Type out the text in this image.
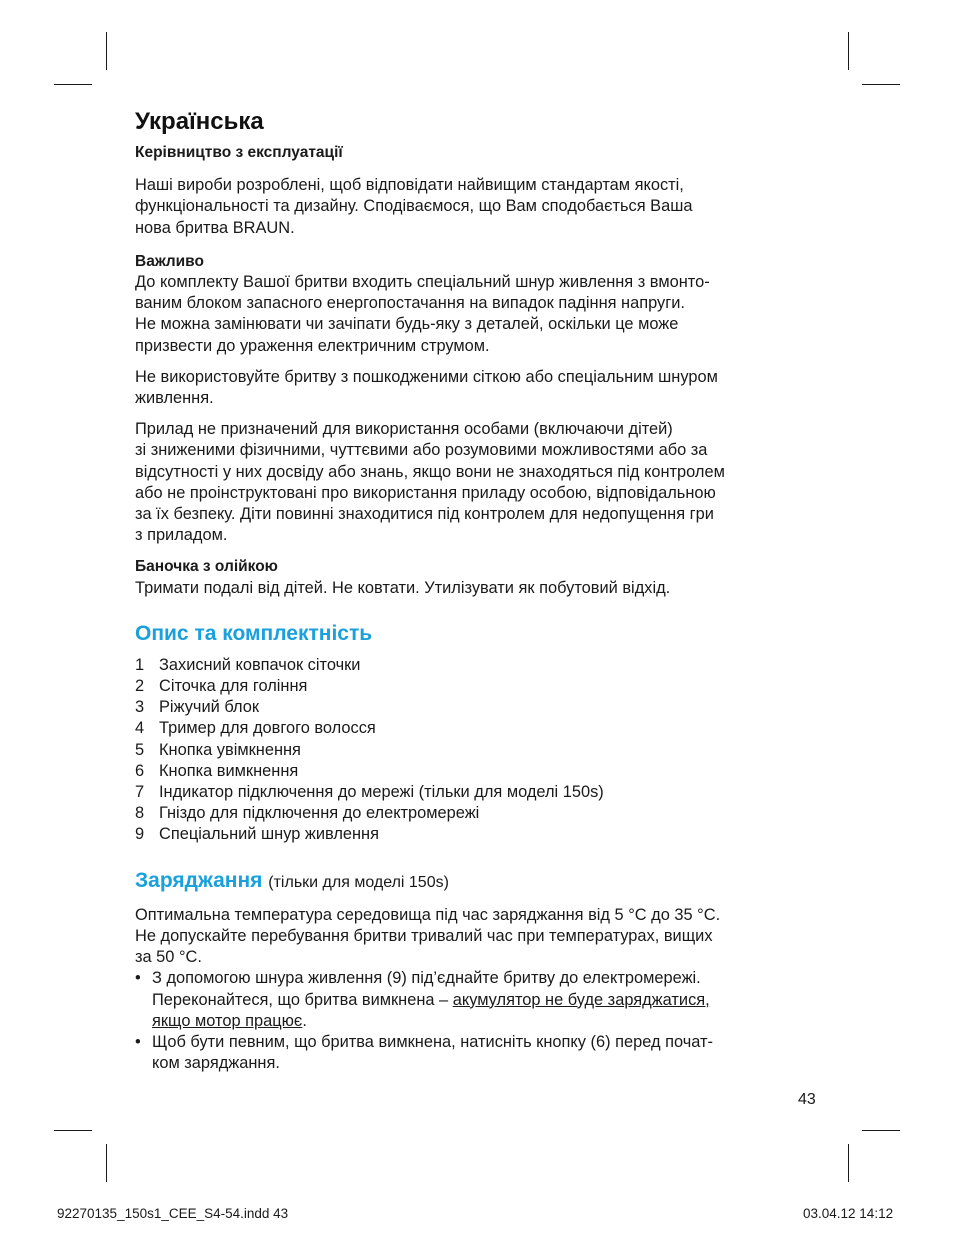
Українська
Керівництво з експлуатації

Наші вироби розроблені, щоб відповідати найвищим стандартам якості,
функціональності та дизайну. Сподіваємося, що Вам сподобається Ваша
нова бритва BRAUN.

Важливо

До комплекту Вашої бритви входить спеціальний шнур живлення з вмонто-
ваним блоком запасного енергопостачання на випадок падіння напруги.
Не можна замінювати чи зачіпати будь-яку з деталей, оскільки це може
призвести до ураження електричним струмом.

Не використовуйте бритву з пошкодженими сіткою або спеціальним шнуром
живлення.

Прилад не призначений для використання особами (включаючи дітей)
зі зниженими фізичними, чуттєвими або розумовими можливостями або за
відсутності у них досвіду або знань, якщо вони не знаходяться під контролем
або не проінструктовані про використання приладу особою, відповідальною
за їх безпеку. Діти повинні знаходитися під контролем для недопущення гри
з приладом.

Баночка з олійкою

Тримати подалі від дітей. Не ковтати. Утилізувати як побутовий відхід.

Опис та комплектність
1 Захисний ковпачок сіточки
2 Сіточка для гоління
3 Ріжучий блок
4 Тример для довгого волосся
5 Кнопка увімкнення
6 Кнопка вимкнення
7 Індикатор підключення до мережі (тільки для моделі 150s)
8 Гніздо для підключення до електромережі
9 Спеціальний шнур живлення
Заряджання (тільки для моделі 150s)

Оптимальна температура середовища під час заряджання від 5 °C до 35 °C.
Не допускайте перебування бритви тривалий час при температурах, вищих
за 50 °C.

• З допомогою шнура живлення (9) під’єднайте бритву до електромережі.
Переконайтеся, що бритва вимкнена – акумулятор не буде заряджатися,
якщо мотор працює.
• Щоб бути певним, що бритва вимкнена, натисніть кнопку (6) перед почат-
ком заряджання.
43
92270135_150s1_CEE_S4-54.indd 43	03.04.12 14:12
